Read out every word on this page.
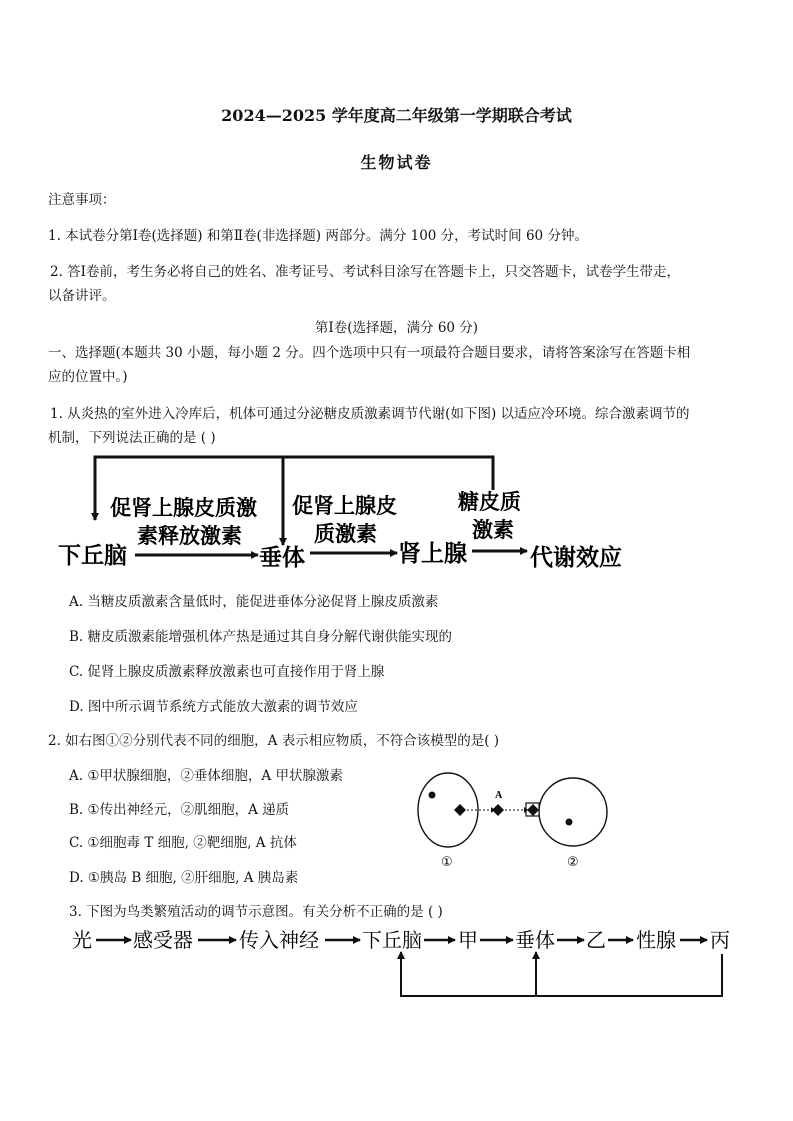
2024—2025 学年度高二年级第一学期联合考试
生物试卷
注意事项：
1. 本试卷分第Ⅰ卷(选择题) 和第Ⅱ卷(非选择题) 两部分。满分 100 分，考试时间 60 分钟。
2. 答Ⅰ卷前，考生务必将自己的姓名、准考证号、考试科目涂写在答题卡上，只交答题卡，试卷学生带走，
以备讲评。
第Ⅰ卷(选择题，满分 60 分)
一、选择题(本题共 30 小题，每小题 2 分。四个选项中只有一项最符合题目要求，请将答案涂写在答题卡相
应的位置中。)
1. 从炎热的室外进入冷库后，机体可通过分泌糖皮质激素调节代谢(如下图) 以适应冷环境。综合激素调节的
机制，下列说法正确的是 ( )
下丘脑	垂体	肾上腺	代谢效应
促肾上腺皮质激
素释放激素
促肾上腺皮
质激素
糖皮质
激素
A. 当糖皮质激素含量低时，能促进垂体分泌促肾上腺皮质激素
B. 糖皮质激素能增强机体产热是通过其自身分解代谢供能实现的
C. 促肾上腺皮质激素释放激素也可直接作用于肾上腺
D. 图中所示调节系统方式能放大激素的调节效应
2. 如右图①②分别代表不同的细胞，A 表示相应物质，不符合该模型的是( )
A. ①甲状腺细胞，②垂体细胞，A 甲状腺激素
B. ①传出神经元，②肌细胞，A 递质
C. ①细胞毒 T 细胞, ②靶细胞, A 抗体
D. ①胰岛 B 细胞, ②肝细胞, A 胰岛素
A
①	②
3. 下图为鸟类繁殖活动的调节示意图。有关分析不正确的是 ( )
光 感受器 传入神经 下丘脑 甲 垂体 乙 性腺 丙
